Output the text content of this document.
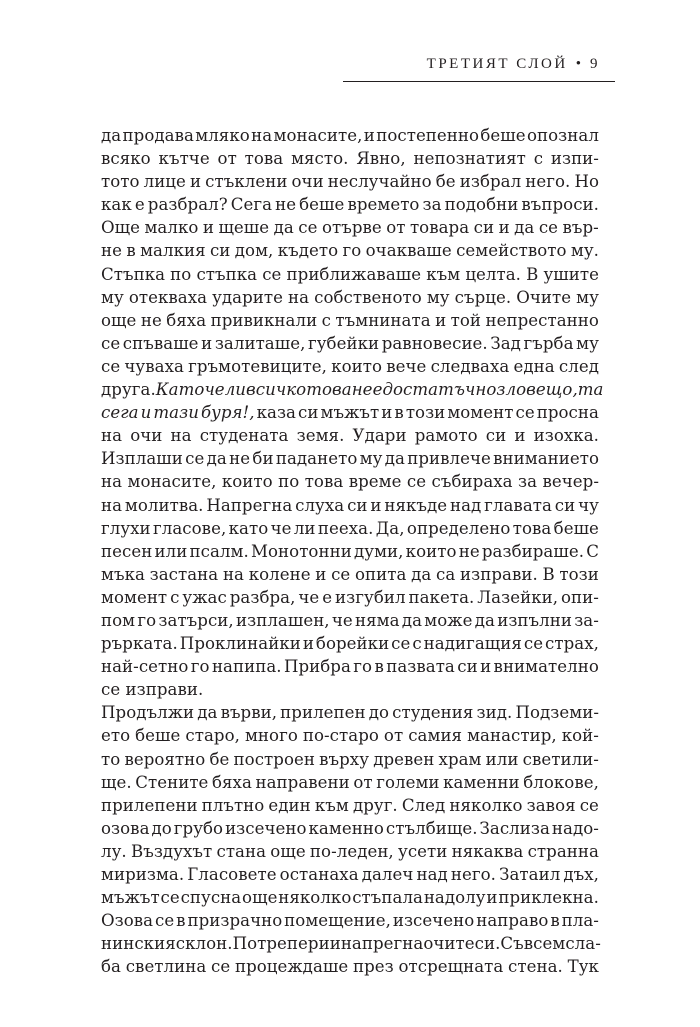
ТРЕТИЯТ СЛОЙ • 9
да продава мляко на монасите, и постепенно беше опознал
всяко кътче от това място. Явно, непознатият с изпи-
тото лице и стъклени очи неслучайно бе избрал него. Но
как е разбрал? Сега не беше времето за подобни въпроси.
Още малко и щеше да се отърве от товара си и да се вър-
не в малкия си дом, където го очакваше семейството му.
Стъпка по стъпка се приближаваше към целта. В ушите
му отекваха ударите на собственото му сърце. Очите му
още не бяха привикнали с тъмнината и той непрестанно
се спъваше и залиташе, губейки равновесие. Зад гърба му
се чуваха гръмотевиците, които вече следваха една след
друга. Като че ли всичко това не е достатъчно зловещо, та
сега и тази буря!, каза си мъжът и в този момент се просна
на очи на студената земя. Удари рамото си и изохка.
Изплаши се да не би падането му да привлече вниманието
на монасите, които по това време се събираха за вечер-
на молитва. Напрегна слуха си и някъде над главата си чу
глухи гласове, като че ли пееха. Да, определено това беше
песен или псалм. Монотонни думи, които не разбираше. С
мъка застана на колене и се опита да са изправи. В този
момент с ужас разбра, че е изгубил пакета. Лазейки, опи-
пом го затърси, изплашен, че няма да може да изпълни за-
рърката. Проклинайки и борейки се с надигащия се страх,
най-сетно го напипа. Прибра го в пазвата си и внимателно
се изправи.
Продължи да върви, прилепен до студения зид. Подземи-
ето беше старо, много по-старо от самия манастир, кой-
то вероятно бе построен върху древен храм или светили-
ще. Стените бяха направени от големи каменни блокове,
прилепени плътно един към друг. След няколко завоя се
озова до грубо изсечено каменно стълбище. Заслиза надо-
лу. Въздухът стана още по-леден, усети някаква странна
миризма. Гласовете останаха далеч над него. Затаил дъх,
мъжът се спусна още няколко стъпала надолу и приклекна.
Озова се в призрачно помещение, изсечено направо в пла-
нинския склон. Потрепери и напрегна очите си. Съвсем сла-
ба светлина се процеждаше през отсрещната стена. Тук
